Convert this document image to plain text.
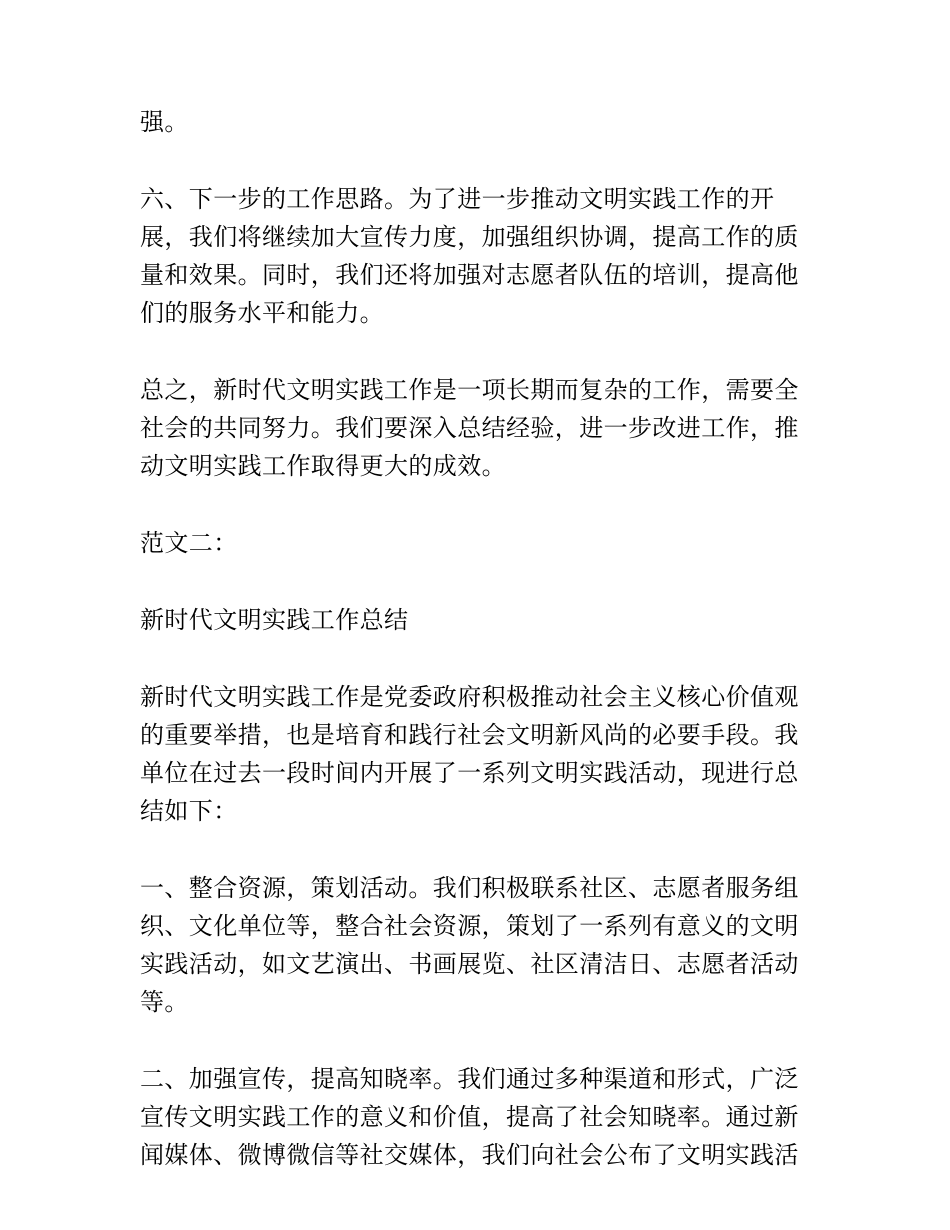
强。

六、下一步的工作思路。为了进一步推动文明实践工作的开展，我们将继续加大宣传力度，加强组织协调，提高工作的质量和效果。同时，我们还将加强对志愿者队伍的培训，提高他们的服务水平和能力。

总之，新时代文明实践工作是一项长期而复杂的工作，需要全社会的共同努力。我们要深入总结经验，进一步改进工作，推动文明实践工作取得更大的成效。

范文二：

新时代文明实践工作总结

新时代文明实践工作是党委政府积极推动社会主义核心价值观的重要举措，也是培育和践行社会文明新风尚的必要手段。我单位在过去一段时间内开展了一系列文明实践活动，现进行总结如下：

一、整合资源，策划活动。我们积极联系社区、志愿者服务组织、文化单位等，整合社会资源，策划了一系列有意义的文明实践活动，如文艺演出、书画展览、社区清洁日、志愿者活动等。

二、加强宣传，提高知晓率。我们通过多种渠道和形式，广泛宣传文明实践工作的意义和价值，提高了社会知晓率。通过新闻媒体、微博微信等社交媒体，我们向社会公布了文明实践活
